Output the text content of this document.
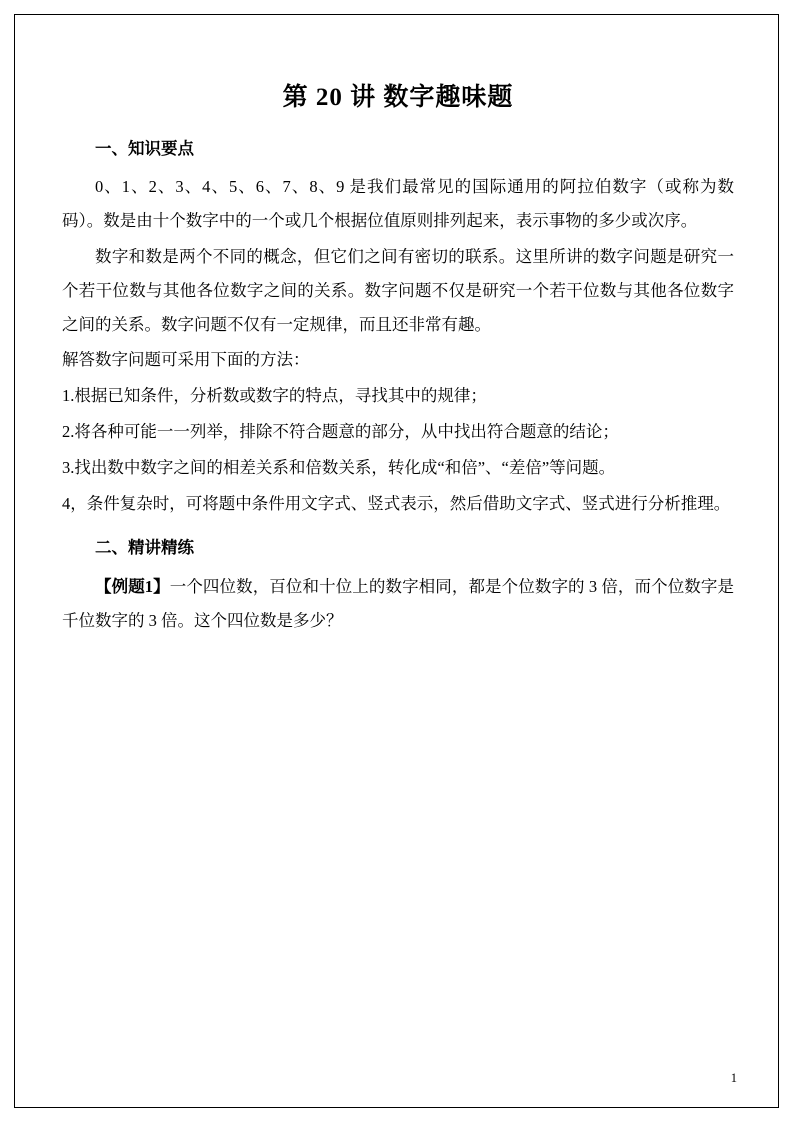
第 20 讲 数字趣味题
一、知识要点

0、1、2、3、4、5、6、7、8、9 是我们最常见的国际通用的阿拉伯数字（或称为数码）。数是由十个数字中的一个或几个根据位值原则排列起来，表示事物的多少或次序。

数字和数是两个不同的概念，但它们之间有密切的联系。这里所讲的数字问题是研究一个若干位数与其他各位数字之间的关系。数字问题不仅是研究一个若干位数与其他各位数字之间的关系。数字问题不仅有一定规律，而且还非常有趣。

解答数字问题可采用下面的方法：

1.根据已知条件，分析数或数字的特点，寻找其中的规律；

2.将各种可能一一列举，排除不符合题意的部分，从中找出符合题意的结论；

3.找出数中数字之间的相差关系和倍数关系，转化成“和倍”、“差倍”等问题。

4，条件复杂时，可将题中条件用文字式、竖式表示，然后借助文字式、竖式进行分析推理。

二、精讲精练

【例题1】一个四位数，百位和十位上的数字相同，都是个位数字的 3 倍，而个位数字是千位数字的 3 倍。这个四位数是多少？

1
